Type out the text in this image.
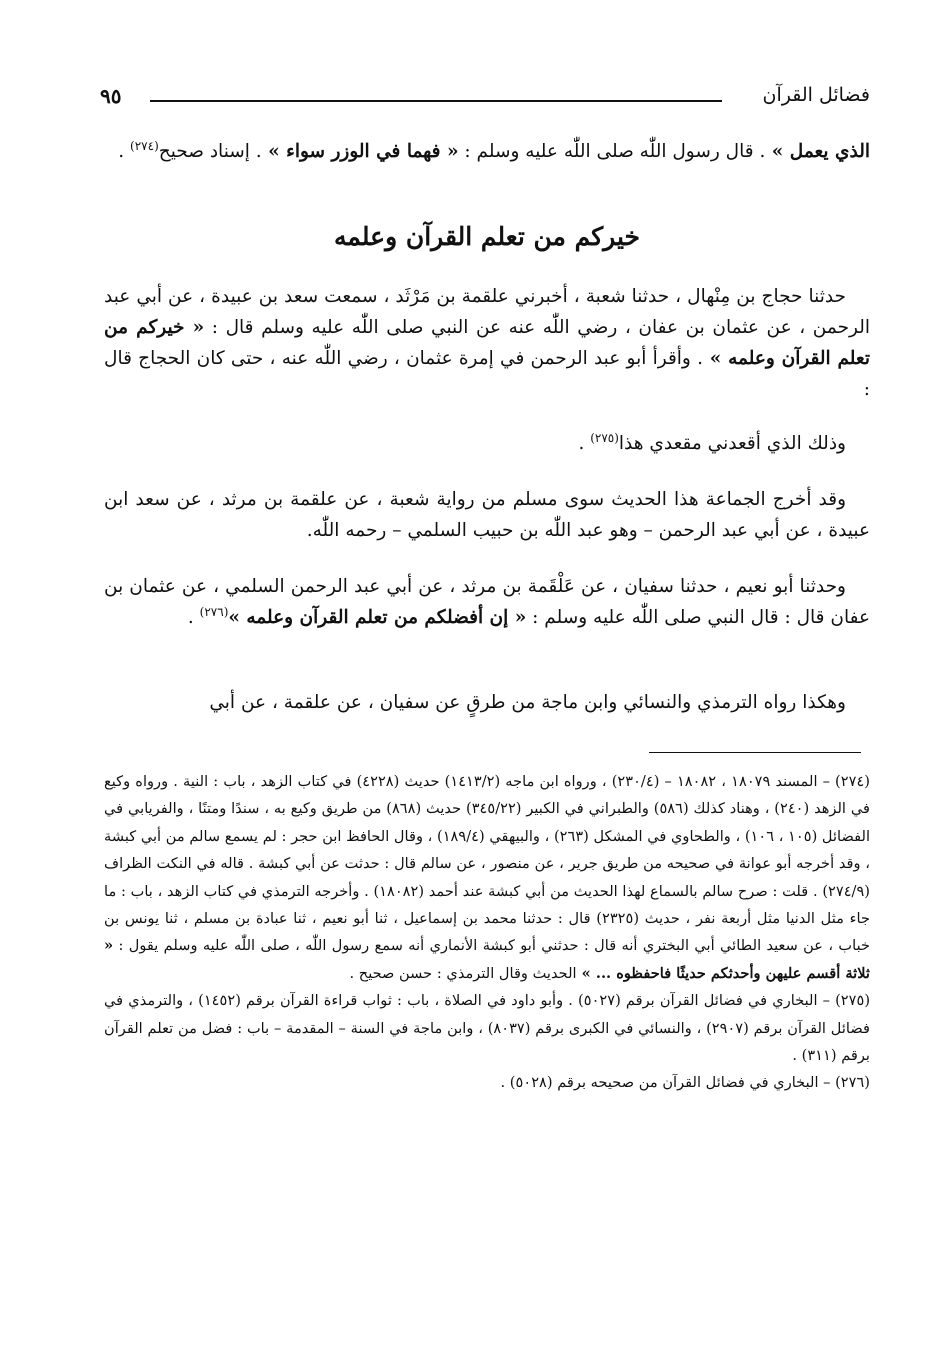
فضائل القرآن
٩٥

الذي يعمل » . قال رسول اللّٰه صلى اللّٰه عليه وسلم : « فهما في الوزر سواء » . إسناد صحيح$^{(٢٧٤)}$ .

خيركم من تعلم القرآن وعلمه

حدثنا حجاج بن مِنْهال ، حدثنا شعبة ، أخبرني علقمة بن مَرْثَد ، سمعت سعد بن عبيدة ، عن أبي عبد الرحمن ، عن عثمان بن عفان ، رضي اللّٰه عنه عن النبي صلى اللّٰه عليه وسلم قال : « خيركم من تعلم القرآن وعلمه » . وأقرأ أبو عبد الرحمن في إمرة عثمان ، رضي اللّٰه عنه ، حتى كان الحجاج قال :

وذلك الذي أقعدني مقعدي هذا$^{(٢٧٥)}$ .

وقد أخرج الجماعة هذا الحديث سوى مسلم من رواية شعبة ، عن علقمة بن مرثد ، عن سعد ابن عبيدة ، عن أبي عبد الرحمن – وهو عبد اللّٰه بن حبيب السلمي – رحمه اللّٰه.

وحدثنا أبو نعيم ، حدثنا سفيان ، عن عَلْقَمة بن مرثد ، عن أبي عبد الرحمن السلمي ، عن عثمان بن عفان قال : قال النبي صلى اللّٰه عليه وسلم : « إن أفضلكم من تعلم القرآن وعلمه »$^{(٢٧٦)}$ .

وهكذا رواه الترمذي والنسائي وابن ماجة من طرقٍ عن سفيان ، عن علقمة ، عن أبي

(٢٧٤) – المسند ١٨٠٧٩ ، ١٨٠٨٢ – (٢٣٠/٤) ، ورواه ابن ماجه (١٤١٣/٢) حديث (٤٢٢٨) في كتاب الزهد ، باب : النية . ورواه وكيع في الزهد (٢٤٠) ، وهناد كذلك (٥٨٦) والطبراني في الكبير (٣٤٥/٢٢) حديث (٨٦٨) من طريق وكيع به ، سندًا ومتنًا ، والفريابي في الفضائل (١٠٥ ، ١٠٦) ، والطحاوي في المشكل (٢٦٣) ، والبيهقي (١٨٩/٤) ، وقال الحافظ ابن حجر : لم يسمع سالم من أبي كبشة ، وقد أخرجه أبو عوانة في صحيحه من طريق جرير ، عن منصور ، عن سالم قال : حدثت عن أبي كبشة . قاله في النكت الظراف (٢٧٤/٩) . قلت : صرح سالم بالسماع لهذا الحديث من أبي كبشة عند أحمد (١٨٠٨٢) . وأخرجه الترمذي في كتاب الزهد ، باب : ما جاء مثل الدنيا مثل أربعة نفر ، حديث (٢٣٢٥) قال : حدثنا محمد بن إسماعيل ، ثنا أبو نعيم ، ثنا عبادة بن مسلم ، ثنا يونس بن خباب ، عن سعيد الطائي أبي البختري أنه قال : حدثني أبو كبشة الأنماري أنه سمع رسول اللّٰه ، صلى اللّٰه عليه وسلم يقول : « ثلاثة أقسم عليهن وأحدثكم حديثًا فاحفظوه ... » الحديث وقال الترمذي : حسن صحيح .

(٢٧٥) – البخاري في فضائل القرآن برقم (٥٠٢٧) . وأبو داود في الصلاة ، باب : ثواب قراءة القرآن برقم (١٤٥٢) ، والترمذي في فضائل القرآن برقم (٢٩٠٧) ، والنسائي في الكبرى برقم (٨٠٣٧) ، وابن ماجة في السنة – المقدمة – باب : فضل من تعلم القرآن برقم (٣١١) .

(٢٧٦) – البخاري في فضائل القرآن من صحيحه برقم (٥٠٢٨) .
